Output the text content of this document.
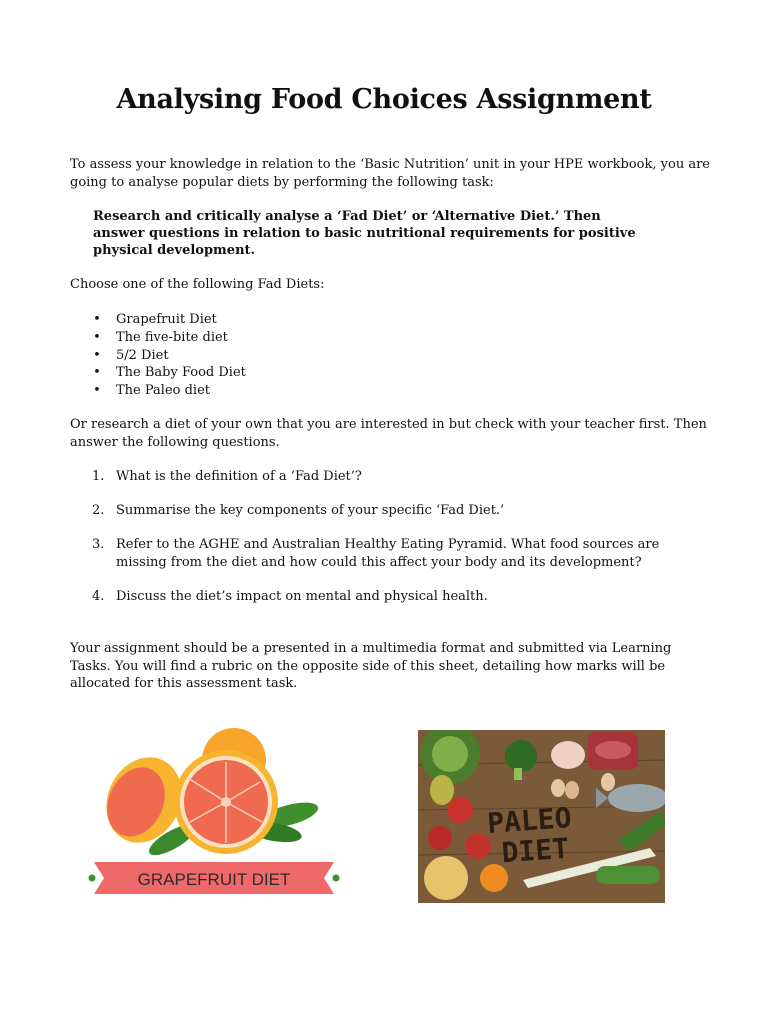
Analysing Food Choices Assignment

To assess your knowledge in relation to the ‘Basic Nutrition’ unit in your HPE workbook, you are going to analyse popular diets by performing the following task:

Research and critically analyse a ‘Fad Diet’ or ‘Alternative Diet.’ Then answer questions in relation to basic nutritional requirements for positive physical development.

Choose one of the following Fad Diets:

• Grapefruit Diet
• The five-bite diet
• 5/2 Diet
• The Baby Food Diet
• The Paleo diet

Or research a diet of your own that you are interested in but check with your teacher first. Then answer the following questions.

1. What is the definition of a ‘Fad Diet’?
2. Summarise the key components of your specific ‘Fad Diet.’
3. Refer to the AGHE and Australian Healthy Eating Pyramid. What food sources are missing from the diet and how could this affect your body and its development?
4. Discuss the diet’s impact on mental and physical health.

Your assignment should be a presented in a multimedia format and submitted via Learning Tasks. You will find a rubric on the opposite side of this sheet, detailing how marks will be allocated for this assessment task.

GRAPEFRUIT DIET
PALEO
DIET
